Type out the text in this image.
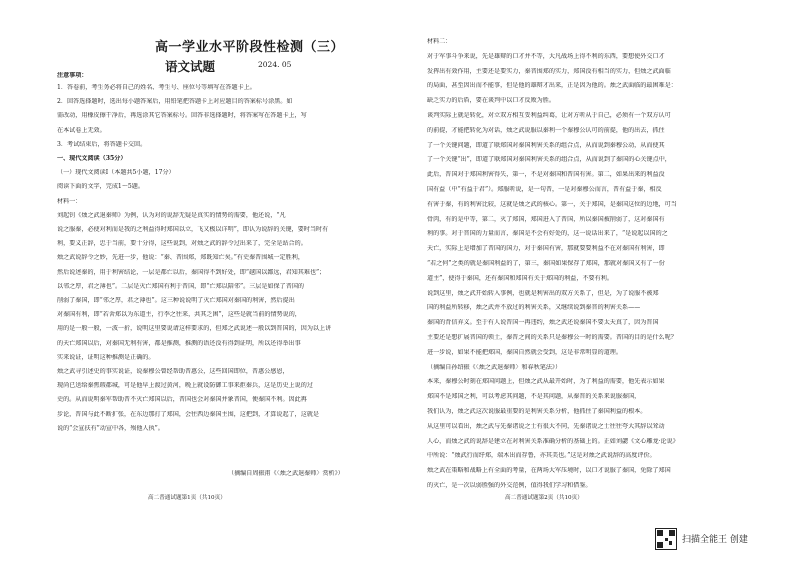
高一学业水平阶段性检测（三）
语文试题	2024. 05
注意事项：
1．答卷前，考生务必将自己的姓名、考生号、座位号等填写在答题卡上。
2．回答选择题时，选出每小题答案后，用铅笔把答题卡上对应题目的答案标号涂黑。如
需改动，用橡皮擦干净后，再选涂其它答案标号。回答非选择题时，将答案写在答题卡上，写
在本试卷上无效。
3．考试结束后，将答题卡交回。
一、现代文阅读（35分）
（一）现代文阅读Ⅰ（本题共5小题，17分）
阅读下面的文字，完成1～5题。
材料一：
刘起钊《烛之武退秦师》为例，认为对的说辞无疑是真实的情势的需要，他还说，“凡
说之服秦，必使对利而是我的之利益得时郑国以立，飞又极以详明”，即认为说辞的关键，要时当时有
利，要义正辞，忠于当前，要十分得，这些说到，对烛之武的辞令过出来了，完全是站合的。
烛之武说辞令之妙，先进一步，他说：“秦、晋围郑，郑既知亡矣。”有史秦晋围城一定胜利，
然后说述秦的，用于利害结论，一层是都亡以后，秦国得不到好处，即“越国以鄙远，君知其难也”；
以邻之厚，君之薄也”。二层是灭亡郑国有利于晋国，即“亡郑以陪邻”。三层是如保了晋国的
削弱了秦国，即“邻之厚，君之薄也”。这三种说说明了灭亡郑国对秦国的利害，然后提出
对秦国有利，即“若舍郑以为东道主，行李之往来，共其乏困”，这些是就当前的情势说的，
用的是一般一般，一波一折，说明这里要说请这样要求的，但郑之武说述一般以到晋国的，因为以上讲
的天亡郑国以后，对秦国无利有害，都是推测，推测的语还没有得到证明，所以还得举出事
实来说证，证明这种推测是正确的。
烛之武寻引述史的事实说证，说秦穆公曾经帮助晋惠公，这些回国即位，晋惠公感恩，
现尚已送给秦焦瑕郡城，可是他早上渡过黄河，晚上就设防御工事来拒秦兵，这是历史上说的过
史的。从而说明秦军帮助晋不灭亡郑国以后，晋国也会对秦国并象晋国，便秦国不利。因此再
步论，晋国与此不断扩张，在东边那打了郑国，会往西边秦国主围，这把到，才算说起了，这就是
说的“会宣扶有”动宣中各，殒他人执”。
（摘编自周振甫《〈烛之武退秦师〉赏析》）
高二普通试题第1页（共10页）
材料二：
对于军事斗争来说，先是雄辩的口才并不等，大凡战场上得不利的东西，要想使外交口才
发挥出有效作用，主要还是要实力，秦晋围郑的实力，郑国没有相当的实力，但烛之武面临
的局面，甚至因出而不能事，但是他的雄辩才出来，正是因为他的。烛之武面临的最困难是：
缺乏实力的后盾，要在谈判中以口才反败为胜。
谈判实际上就是转化，对立双方相互妥利益纠葛，让对方听从于自己，必须有一个双方认可
的前提，才能把转化为对话，烛之武说服以秦利一个秦穆公认可的前提，他的出去，抓住
了一个关键问题，即道了联郑国对秦国利害关系的组合点，从而说到秦穆公动，从而使其
了一个关键“出”，即道了联郑国对秦国利害关系的组合点，从而说到了秦国的心关键点中，
此后，晋国对于郑国利害得失，第一，不是对秦国和晋国有害。第二，如果出来的利益没
国有益（中“有益于君”）。郑服听说，是一句晋，一是对秦穆公而言，晋有益于秦，相反
有害于秦，有的利害比较，这就是烛之武的核心。第一，关于郑国，是秦国这位的边地，可当
骨肉，有的是中等，第二，灭了郑国，郑国进入了晋国，所以秦国被削弱了，这对秦国有
利的事。对于晋国的力量而言，秦国是不会有好处的，这一说话出来了，“是说起以国的之
天亡，实际上是增加了晋国的国力，对于秦国有害，那就要要利益不在对秦国有利害，即
“若之何”之类的就是秦国利益的了，第三，秦国如果保存了郑国，那就对秦国又有了一份
道主”，使得于秦国，还有秦国和郑国有关于郑国的利益，不要有利。
说到这里，烛之武开始转入事例，也就是利害出的双方关系了，但是，为了说服不被郑
国的利益所转移，烛之武并不放过的利害关系，又继续说到秦晋的利害关系——
秦国的背信弃义。至于有人说晋国一再违约，烛之武还说秦国不要太天真了，因为晋国
主要还是想扩展晋国的领土，秦晋之间的关系只是秦穆公一时的需要。晋国的目的是什么呢？
进一步说，如果不能把郑国，秦国自然就会受到，这是非常明显的道理。
（摘编自孙绍振《〈烛之武退秦师〉和春秋笔法》）
本来，秦穆公时刻在郑国问题上，但烛之武从最开始时，为了利益的需要，他先表示如果
郑国不是郑国之利，可以考虑其问题，不是其问题，从秦晋的关系来说服秦国，
我们认为，烛之武这次说服最重要的是利害关系分析，他抓住了秦国利益的根本。
从这里可以看出，烛之武与先秦诸说之士有很大不同，先秦诸说之士往往夸大其辞以耸动
人心，而烛之武的说辞是建立在对利害关系准确分析的基础上的。正如刘勰《文心雕龙·论说》
中所说：“烛武行而纾郑，端木出而存鲁，亦其美也。”这是对烛之武说辞的高度评价。
烛之武在策略和战略上有全面的考量，在两场大军压境时，以口才说服了秦国，免除了郑国
的灭亡，是一次以弱胜强的外交范例，值得我们学习和借鉴。
高二普通试题第2页（共10页）
扫描全能王 创建
